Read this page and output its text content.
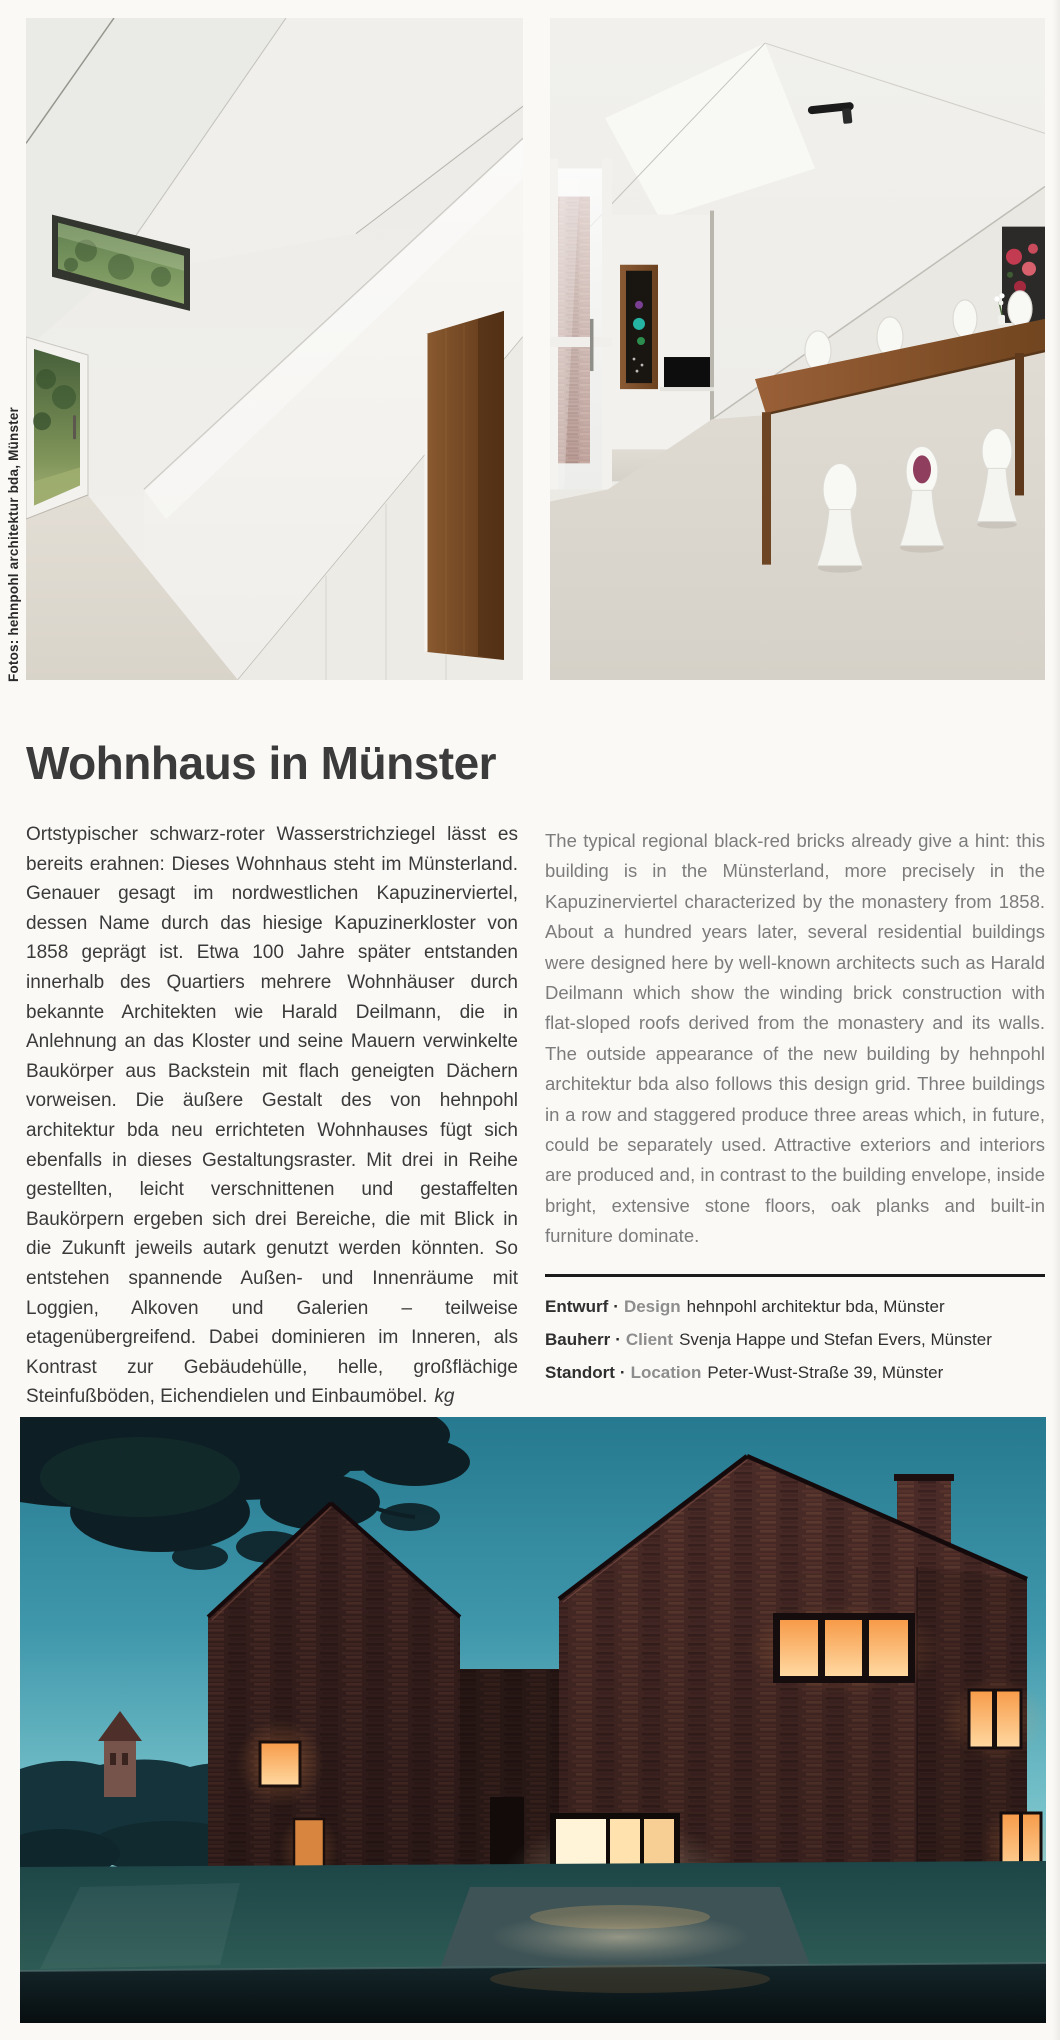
Fotos: hehnpohl architektur bda, Münster
Wohnhaus in Münster

Ortstypischer schwarz-roter Wasserstrichziegel lässt es bereits erahnen: Dieses Wohnhaus steht im Münsterland. Genauer gesagt im nordwestlichen Kapuzinerviertel, dessen Name durch das hiesige Kapuzinerkloster von 1858 geprägt ist. Etwa 100 Jahre später entstanden innerhalb des Quartiers mehrere Wohnhäuser durch bekannte Architekten wie Harald Deilmann, die in Anlehnung an das Kloster und seine Mauern verwinkelte Baukörper aus Backstein mit flach geneigten Dächern vorweisen. Die äußere Gestalt des von hehnpohl architektur bda neu errichteten Wohnhauses fügt sich ebenfalls in dieses Gestaltungsraster. Mit drei in Reihe gestellten, leicht verschnittenen und gestaffelten Baukörpern ergeben sich drei Bereiche, die mit Blick in die Zukunft jeweils autark genutzt werden könnten. So entstehen spannende Außen- und Innenräume mit Loggien, Alkoven und Galerien – teilweise etagenübergreifend. Dabei dominieren im Inneren, als Kontrast zur Gebäudehülle, helle, großflächige Steinfußböden, Eichendielen und Einbaumöbel. kg

The typical regional black-red bricks already give a hint: this building is in the Münsterland, more precisely in the Kapuzinerviertel characterized by the monastery from 1858. About a hundred years later, several residential buildings were designed here by well-known architects such as Harald Deilmann which show the winding brick construction with flat-sloped roofs derived from the monastery and its walls. The outside appearance of the new building by hehnpohl architektur bda also follows this design grid. Three buildings in a row and staggered produce three areas which, in future, could be separately used. Attractive exteriors and interiors are produced and, in contrast to the building envelope, inside bright, extensive stone floors, oak planks and built-in furniture dominate.

Entwurf · Design hehnpohl architektur bda, Münster
Bauherr · Client Svenja Happe und Stefan Evers, Münster
Standort · Location Peter-Wust-Straße 39, Münster
